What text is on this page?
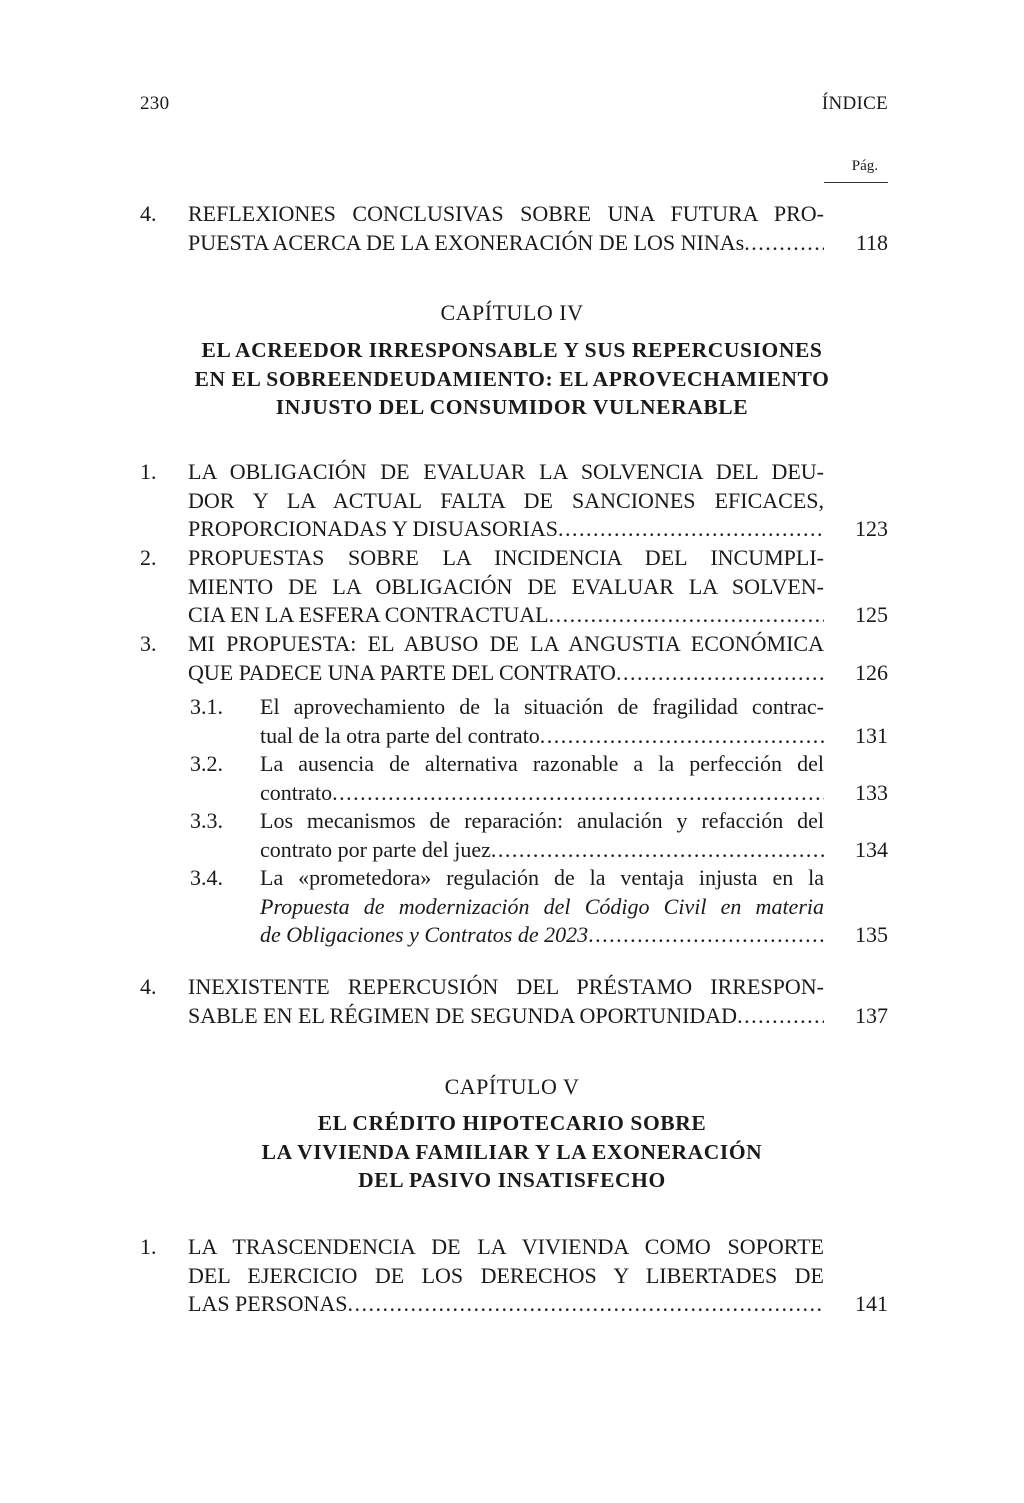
230	ÍNDICE
Pág.
4. REFLEXIONES CONCLUSIVAS SOBRE UNA FUTURA PRO-
PUESTA ACERCA DE LA EXONERACIÓN DE LOS NINAs .....	118
CAPÍTULO IV
EL ACREEDOR IRRESPONSABLE Y SUS REPERCUSIONES
EN EL SOBREENDEUDAMIENTO: EL APROVECHAMIENTO
INJUSTO DEL CONSUMIDOR VULNERABLE
1. LA OBLIGACIÓN DE EVALUAR LA SOLVENCIA DEL DEU-
DOR Y LA ACTUAL FALTA DE SANCIONES EFICACES,
PROPORCIONADAS Y DISUASORIAS .....	123
2. PROPUESTAS SOBRE LA INCIDENCIA DEL INCUMPLI-
MIENTO DE LA OBLIGACIÓN DE EVALUAR LA SOLVEN-
CIA EN LA ESFERA CONTRACTUAL .....	125
3. MI PROPUESTA: EL ABUSO DE LA ANGUSTIA ECONÓMICA
QUE PADECE UNA PARTE DEL CONTRATO .....	126
3.1. El aprovechamiento de la situación de fragilidad contrac-
tual de la otra parte del contrato .....	131
3.2. La ausencia de alternativa razonable a la perfección del
contrato .....	133
3.3. Los mecanismos de reparación: anulación y refacción del
contrato por parte del juez .....	134
3.4. La «prometedora» regulación de la ventaja injusta en la
Propuesta de modernización del Código Civil en materia
de Obligaciones y Contratos de 2023 .....	135
4. INEXISTENTE REPERCUSIÓN DEL PRÉSTAMO IRRESPON-
SABLE EN EL RÉGIMEN DE SEGUNDA OPORTUNIDAD .....	137
CAPÍTULO V
EL CRÉDITO HIPOTECARIO SOBRE
LA VIVIENDA FAMILIAR Y LA EXONERACIÓN
DEL PASIVO INSATISFECHO
1. LA TRASCENDENCIA DE LA VIVIENDA COMO SOPORTE
DEL EJERCICIO DE LOS DERECHOS Y LIBERTADES DE
LAS PERSONAS .....	141
